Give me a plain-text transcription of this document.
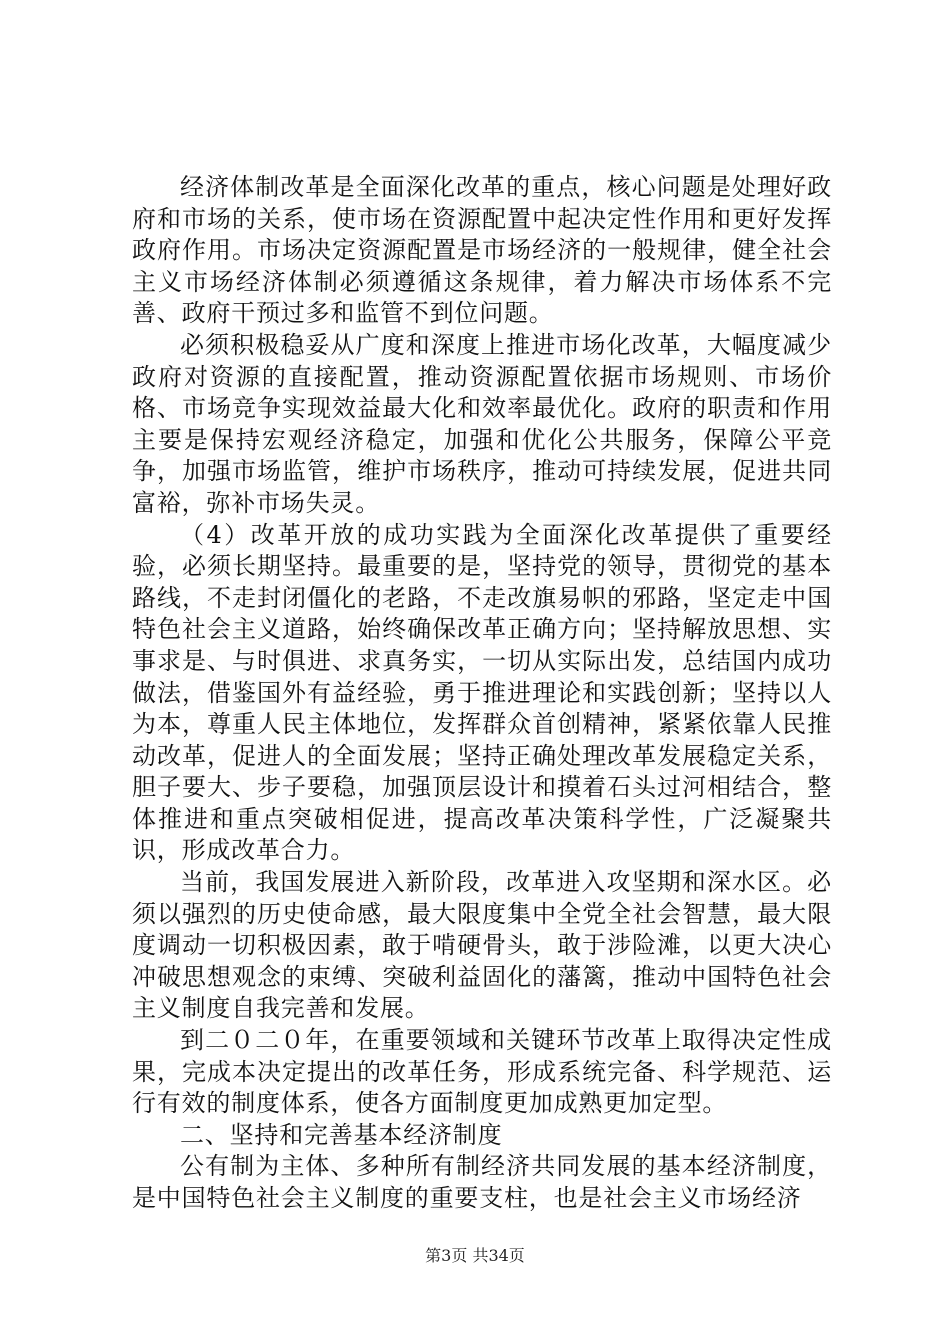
经济体制改革是全面深化改革的重点，核心问题是处理好政府和市场的关系，使市场在资源配置中起决定性作用和更好发挥政府作用。市场决定资源配置是市场经济的一般规律，健全社会主义市场经济体制必须遵循这条规律，着力解决市场体系不完善、政府干预过多和监管不到位问题。

必须积极稳妥从广度和深度上推进市场化改革，大幅度减少政府对资源的直接配置，推动资源配置依据市场规则、市场价格、市场竞争实现效益最大化和效率最优化。政府的职责和作用主要是保持宏观经济稳定，加强和优化公共服务，保障公平竞争，加强市场监管，维护市场秩序，推动可持续发展，促进共同富裕，弥补市场失灵。

（4）改革开放的成功实践为全面深化改革提供了重要经验，必须长期坚持。最重要的是，坚持党的领导，贯彻党的基本路线，不走封闭僵化的老路，不走改旗易帜的邪路，坚定走中国特色社会主义道路，始终确保改革正确方向；坚持解放思想、实事求是、与时俱进、求真务实，一切从实际出发，总结国内成功做法，借鉴国外有益经验，勇于推进理论和实践创新；坚持以人为本，尊重人民主体地位，发挥群众首创精神，紧紧依靠人民推动改革，促进人的全面发展；坚持正确处理改革发展稳定关系，胆子要大、步子要稳，加强顶层设计和摸着石头过河相结合，整体推进和重点突破相促进，提高改革决策科学性，广泛凝聚共识，形成改革合力。

当前，我国发展进入新阶段，改革进入攻坚期和深水区。必须以强烈的历史使命感，最大限度集中全党全社会智慧，最大限度调动一切积极因素，敢于啃硬骨头，敢于涉险滩，以更大决心冲破思想观念的束缚、突破利益固化的藩篱，推动中国特色社会主义制度自我完善和发展。

到二０二０年，在重要领域和关键环节改革上取得决定性成果，完成本决定提出的改革任务，形成系统完备、科学规范、运行有效的制度体系，使各方面制度更加成熟更加定型。

二、坚持和完善基本经济制度

公有制为主体、多种所有制经济共同发展的基本经济制度，是中国特色社会主义制度的重要支柱，也是社会主义市场经济

第3页 共34页
